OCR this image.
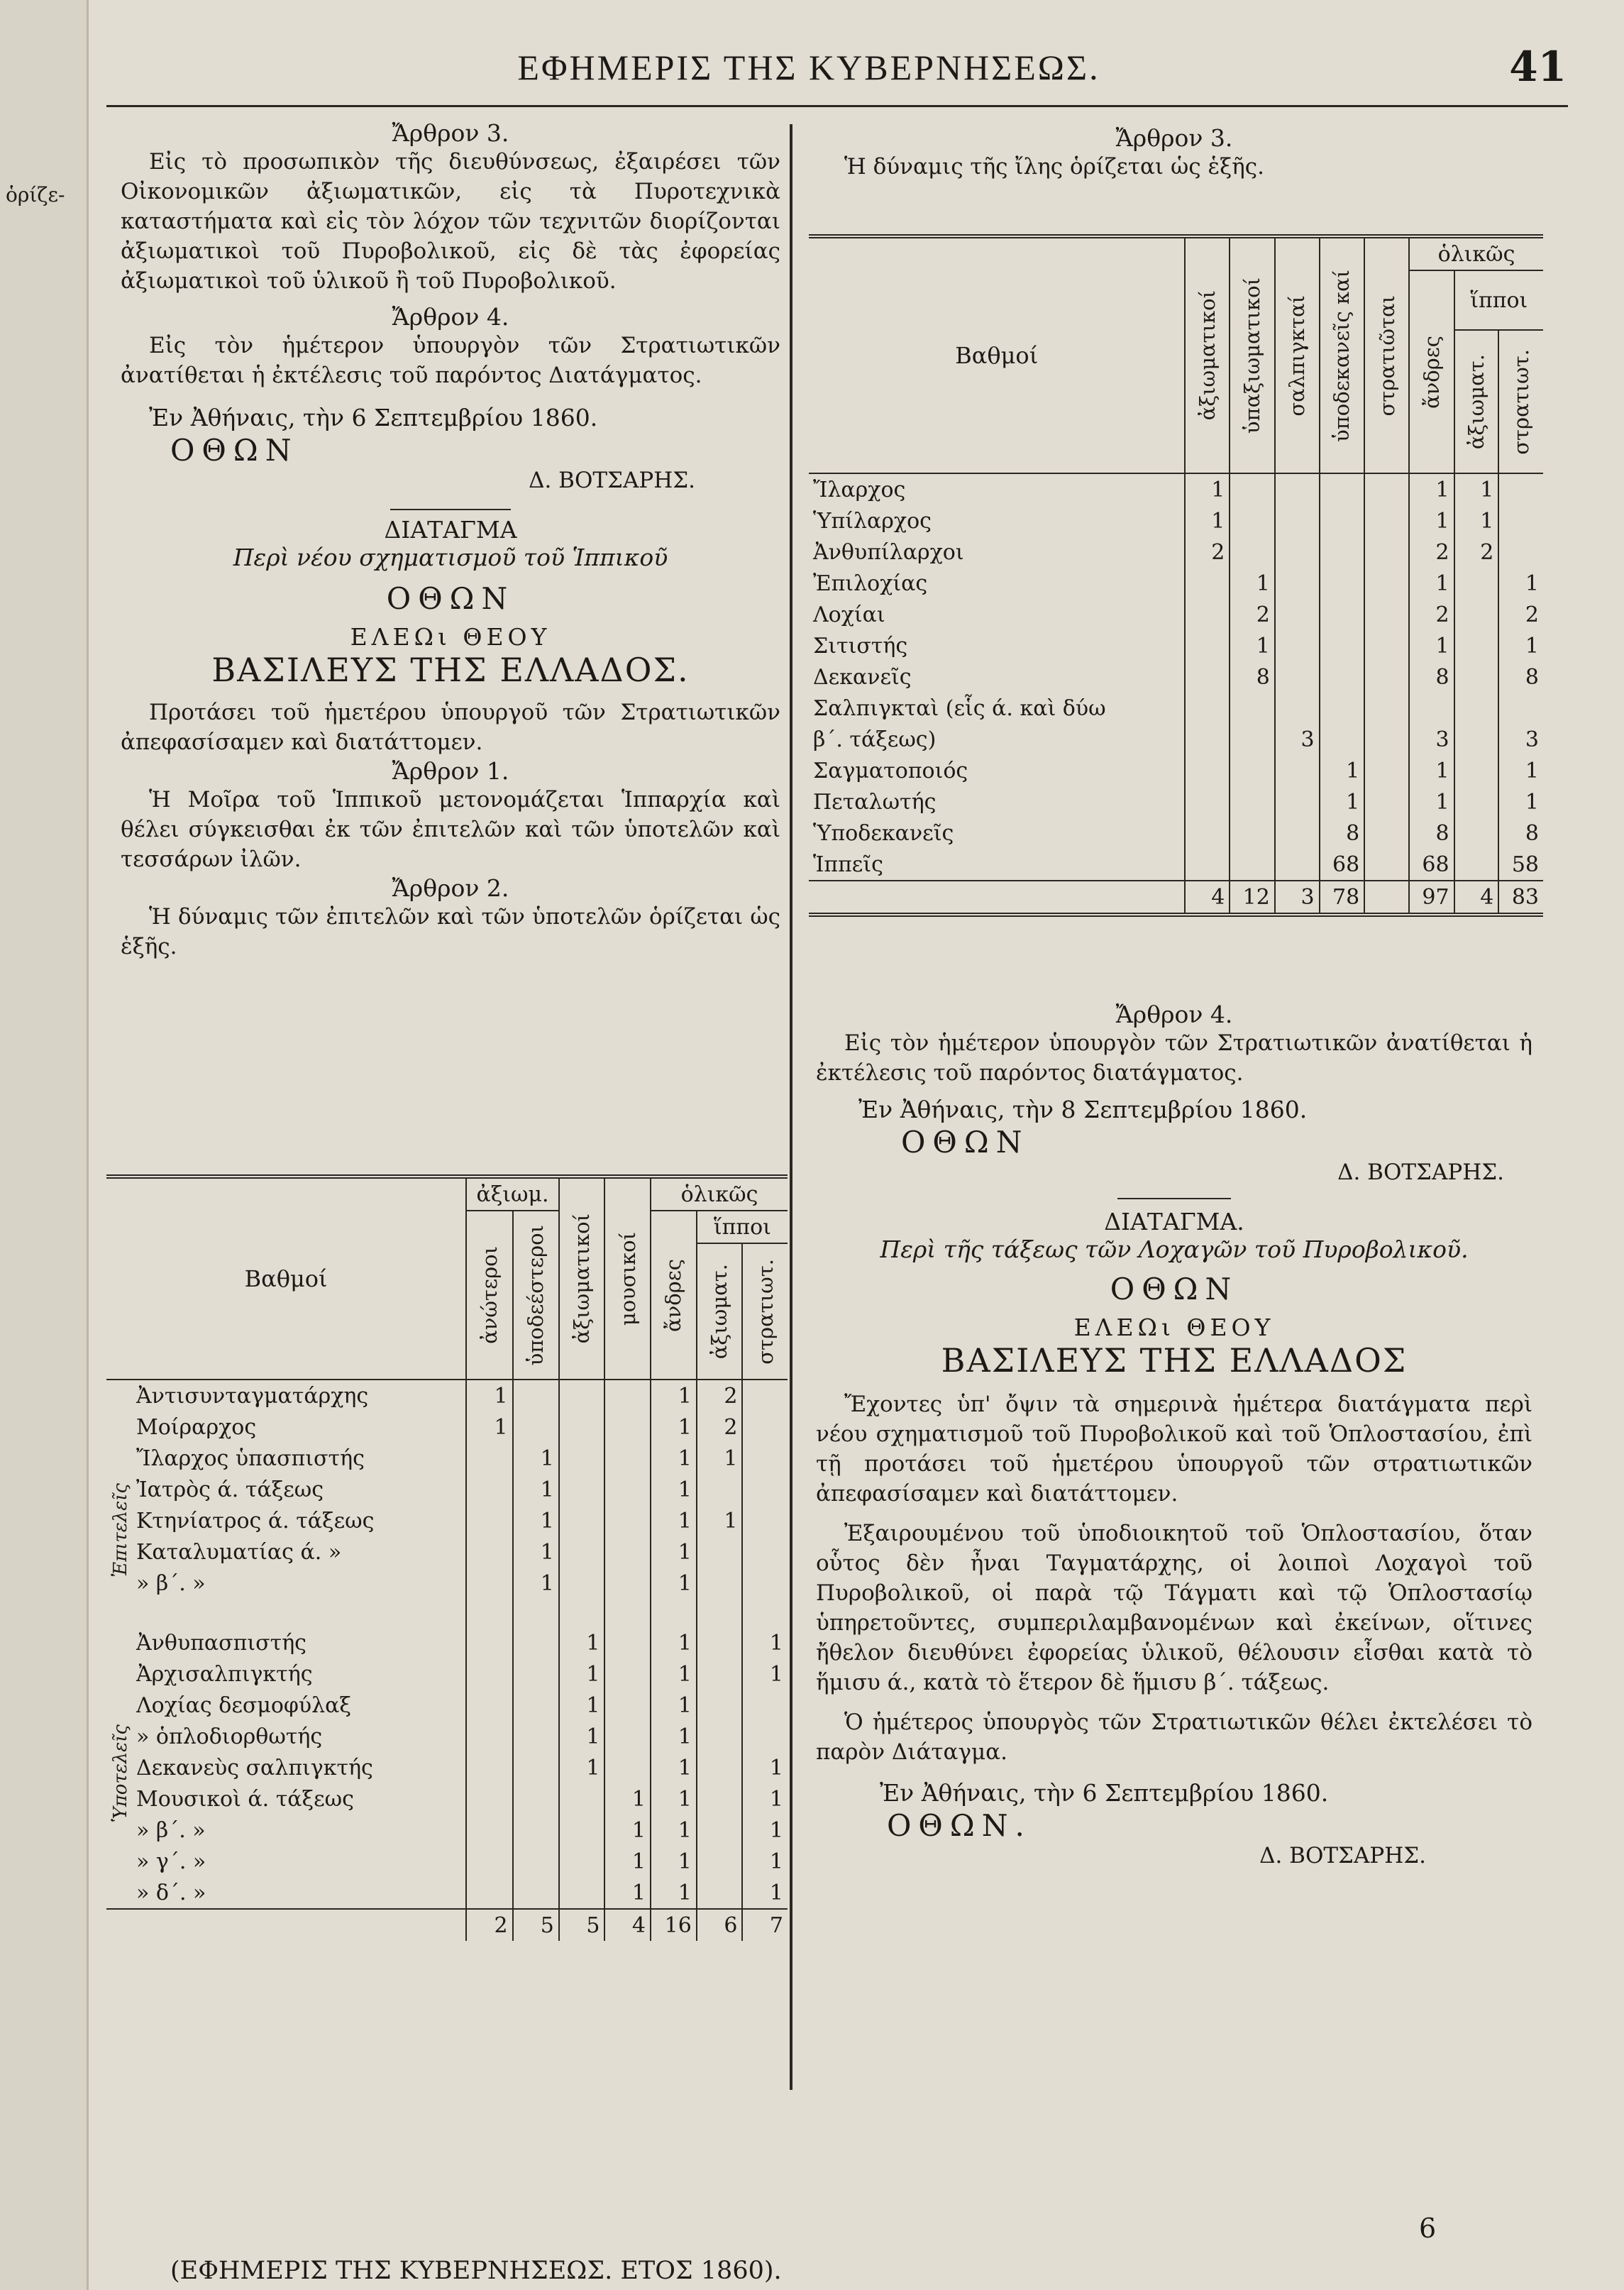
ὁρίζε-
ΕΦΗΜΕΡΙΣ ΤΗΣ ΚΥΒΕΡΝΗΣΕΩΣ.	41

Ἄρθρον 3.

Εἰς τὸ προσωπικὸν τῆς διευθύνσεως, ἐξαιρέσει τῶν Οἰκονομικῶν ἀξιωματικῶν, εἰς τὰ Πυροτεχνικὰ καταστήματα καὶ εἰς τὸν λόχον τῶν τεχνιτῶν διορίζονται ἀξιωματικοὶ τοῦ Πυροβολικοῦ, εἰς δὲ τὰς ἐφορείας ἀξιωματικοὶ τοῦ ὑλικοῦ ἢ τοῦ Πυροβολικοῦ.

Ἄρθρον 4.

Εἰς τὸν ἡμέτερον ὑπουργὸν τῶν Στρατιωτικῶν ἀνατίθεται ἡ ἐκτέλεσις τοῦ παρόντος Διατάγματος.

Ἐν Ἀθήναις, τὴν 6 Σεπτεμβρίου 1860.

ΟΘΩΝ
Δ. ΒΟΤΣΑΡΗΣ.

ΔΙΑΤΑΓΜΑ

Περὶ νέου σχηματισμοῦ τοῦ Ἱππικοῦ

ΟΘΩΝ
ΕΛΕΩι ΘΕΟΥ
ΒΑΣΙΛΕΥΣ ΤΗΣ ΕΛΛΑΔΟΣ.

Προτάσει τοῦ ἡμετέρου ὑπουργοῦ τῶν Στρατιωτικῶν ἀπεφασίσαμεν καὶ διατάττομεν.

Ἄρθρον 1.

Ἡ Μοῖρα τοῦ Ἱππικοῦ μετονομάζεται Ἱππαρχία καὶ θέλει σύγκεισθαι ἐκ τῶν ἐπιτελῶν καὶ τῶν ὑποτελῶν καὶ τεσσάρων ἰλῶν.

Ἄρθρον 2.

Ἡ δύναμις τῶν ἐπιτελῶν καὶ τῶν ὑποτελῶν ὁρίζεται ὡς ἑξῆς.

Βαθμοί	ἀξιωμ.		ἀξιωματικοί	μουσικοί	ὁλικῶς		

	ἀνώτεροι	ὑποδεέστεροι			ἄνδρες	ἵπποι	

						ἀξιωματ.	στρατιωτ.

Ἀντισυνταγματάρχης	1				1	2	
Μοίραρχος	1				1	2	
Ἴλαρχος ὑπασπιστής		1			1	1	
Ἰατρὸς ά. τάξεως		1			1		
Κτηνίατρος ά. τάξεως		1			1	1	
Καταλυματίας ά. »		1			1		
» β΄. »		1			1		

Ἀνθυπασπιστής			1		1		1
Ἀρχισαλπιγκτής			1		1		1
Λοχίας δεσμοφύλαξ			1		1		
» ὁπλοδιορθωτής			1		1		
Δεκανεὺς σαλπιγκτής			1		1		1
Μουσικοὶ ά. τάξεως				1	1		1
» β΄. »				1	1		1
» γ΄. »				1	1		1
» δ΄. »				1	1		1
	2	5	5	4	16	6	7
Ἐπιτελεῖς
Ὑποτελεῖς

Ἄρθρον 3.

Ἡ δύναμις τῆς ἴλης ὁρίζεται ὡς ἑξῆς.

Βαθμοί	ἀξιωματικοί	ὑπαξιωματικοί	σαλπιγκταί	ὑποδεκανεῖς καί	στρατιῶται	ὁλικῶς		

						ἄνδρες	ἵπποι	

							ἀξιωματ.	στρατιωτ.

Ἴλαρχος	1					1	1	
Ὑπίλαρχος	1					1	1	
Ἀνθυπίλαρχοι	2					2	2	
Ἐπιλοχίας		1				1		1
Λοχίαι		2				2		2
Σιτιστής		1				1		1
Δεκανεῖς		8				8		8
Σαλπιγκταὶ (εἷς ά. καὶ δύω								
β΄. τάξεως)			3			3		3
Σαγματοποιός				1		1		1
Πεταλωτής				1		1		1
Ὑποδεκανεῖς				8		8		8
Ἱππεῖς				68		68		58
	4	12	3	78		97	4	83

Ἄρθρον 4.

Εἰς τὸν ἡμέτερον ὑπουργὸν τῶν Στρατιωτικῶν ἀνατίθεται ἡ ἐκτέλεσις τοῦ παρόντος διατάγματος.

Ἐν Ἀθήναις, τὴν 8 Σεπτεμβρίου 1860.

ΟΘΩΝ
Δ. ΒΟΤΣΑΡΗΣ.

ΔΙΑΤΑΓΜΑ.

Περὶ τῆς τάξεως τῶν Λοχαγῶν τοῦ Πυροβολικοῦ.

ΟΘΩΝ
ΕΛΕΩι ΘΕΟΥ
ΒΑΣΙΛΕΥΣ ΤΗΣ ΕΛΛΑΔΟΣ

Ἔχοντες ὑπ' ὄψιν τὰ σημερινὰ ἡμέτερα διατάγματα περὶ νέου σχηματισμοῦ τοῦ Πυροβολικοῦ καὶ τοῦ Ὁπλοστασίου, ἐπὶ τῇ προτάσει τοῦ ἡμετέρου ὑπουργοῦ τῶν στρατιωτικῶν ἀπεφασίσαμεν καὶ διατάττομεν.

Ἐξαιρουμένου τοῦ ὑποδιοικητοῦ τοῦ Ὁπλοστασίου, ὅταν οὗτος δὲν ἦναι Ταγματάρχης, οἱ λοιποὶ Λοχαγοὶ τοῦ Πυροβολικοῦ, οἱ παρὰ τῷ Τάγματι καὶ τῷ Ὁπλοστασίῳ ὑπηρετοῦντες, συμπεριλαμβανομένων καὶ ἐκείνων, οἵτινες ἤθελον διευθύνει ἐφορείας ὑλικοῦ, θέλουσιν εἶσθαι κατὰ τὸ ἥμισυ ά., κατὰ τὸ ἕτερον δὲ ἥμισυ β΄. τάξεως.

Ὁ ἡμέτερος ὑπουργὸς τῶν Στρατιωτικῶν θέλει ἐκτελέσει τὸ παρὸν Διάταγμα.

Ἐν Ἀθήναις, τὴν 6 Σεπτεμβρίου 1860.

ΟΘΩΝ.
Δ. ΒΟΤΣΑΡΗΣ.
(ΕΦΗΜΕΡΙΣ ΤΗΣ ΚΥΒΕΡΝΗΣΕΩΣ. ΕΤΟΣ 1860).
6
